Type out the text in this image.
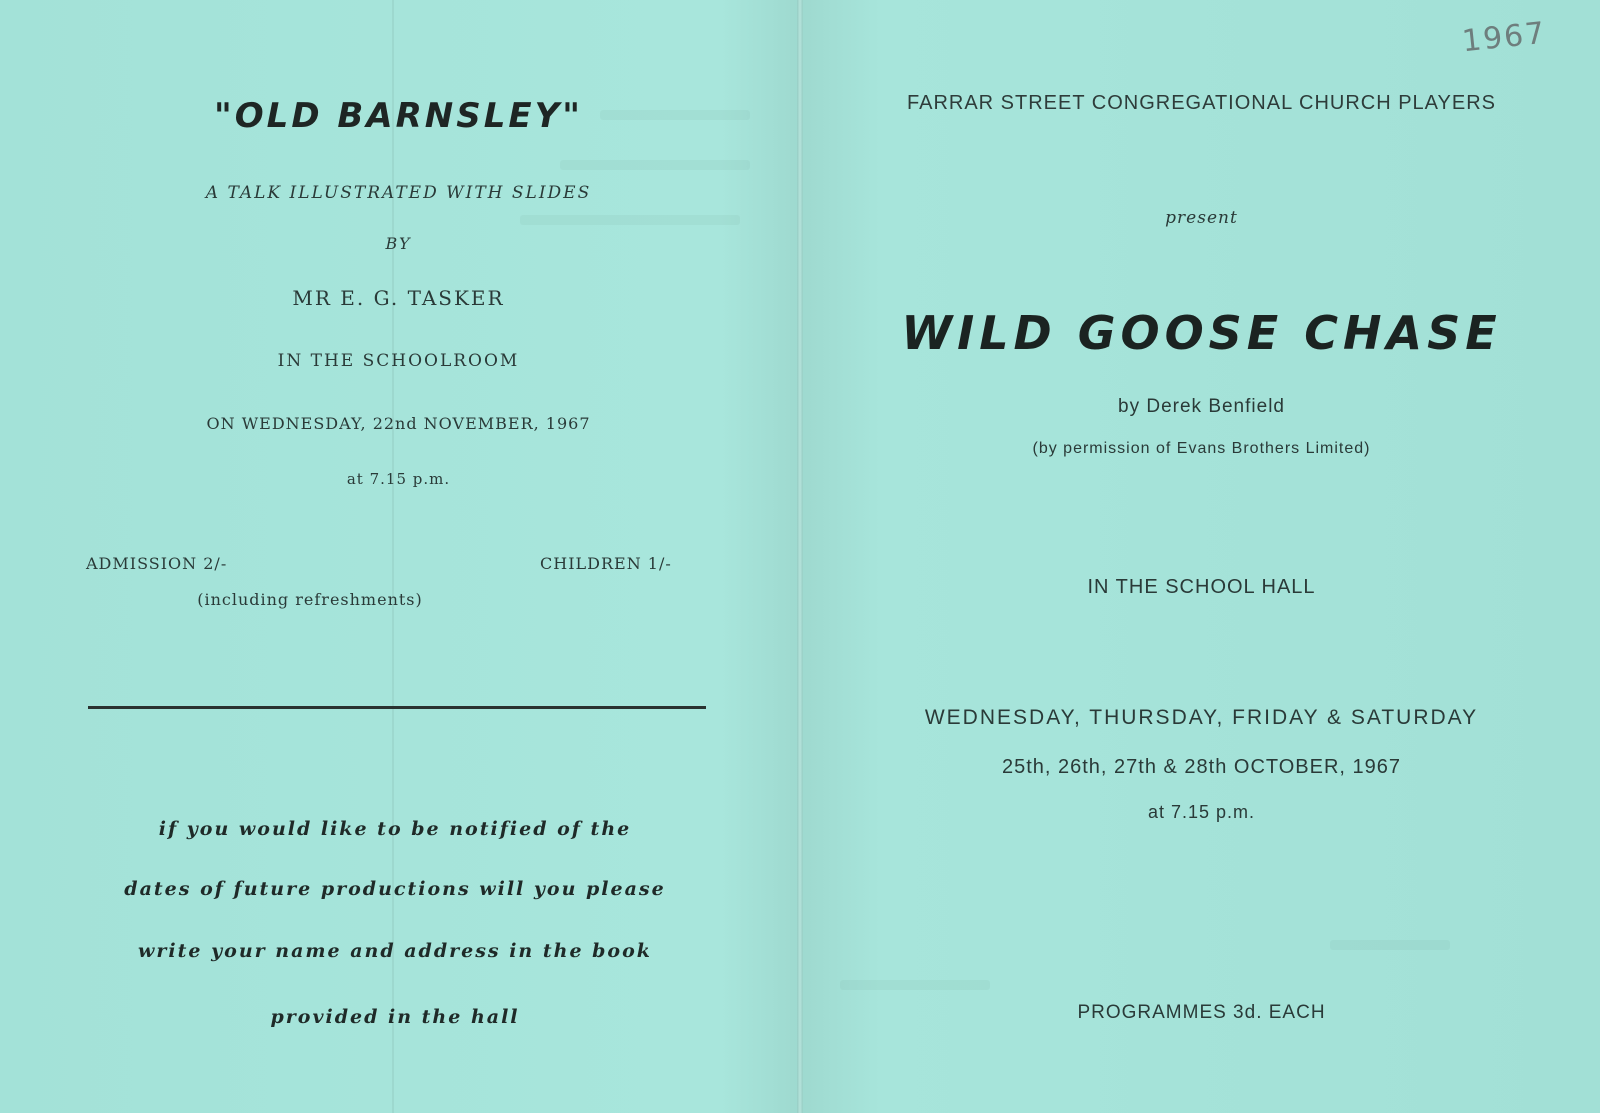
"OLD BARNSLEY"

A TALK ILLUSTRATED WITH SLIDES

BY

MR E. G. TASKER

IN THE SCHOOLROOM

ON WEDNESDAY, 22nd NOVEMBER, 1967

at 7.15 p.m.

ADMISSION 2/-	CHILDREN 1/-

(including refreshments)

if you would like to be notified of the

dates of future productions will you please

write your name and address in the book

provided in the hall

FARRAR STREET CONGREGATIONAL CHURCH PLAYERS

present

WILD GOOSE CHASE

by Derek Benfield

(by permission of Evans Brothers Limited)

IN THE SCHOOL HALL

WEDNESDAY, THURSDAY, FRIDAY & SATURDAY

25th, 26th, 27th & 28th OCTOBER, 1967

at 7.15 p.m.

PROGRAMMES 3d. EACH

1967
